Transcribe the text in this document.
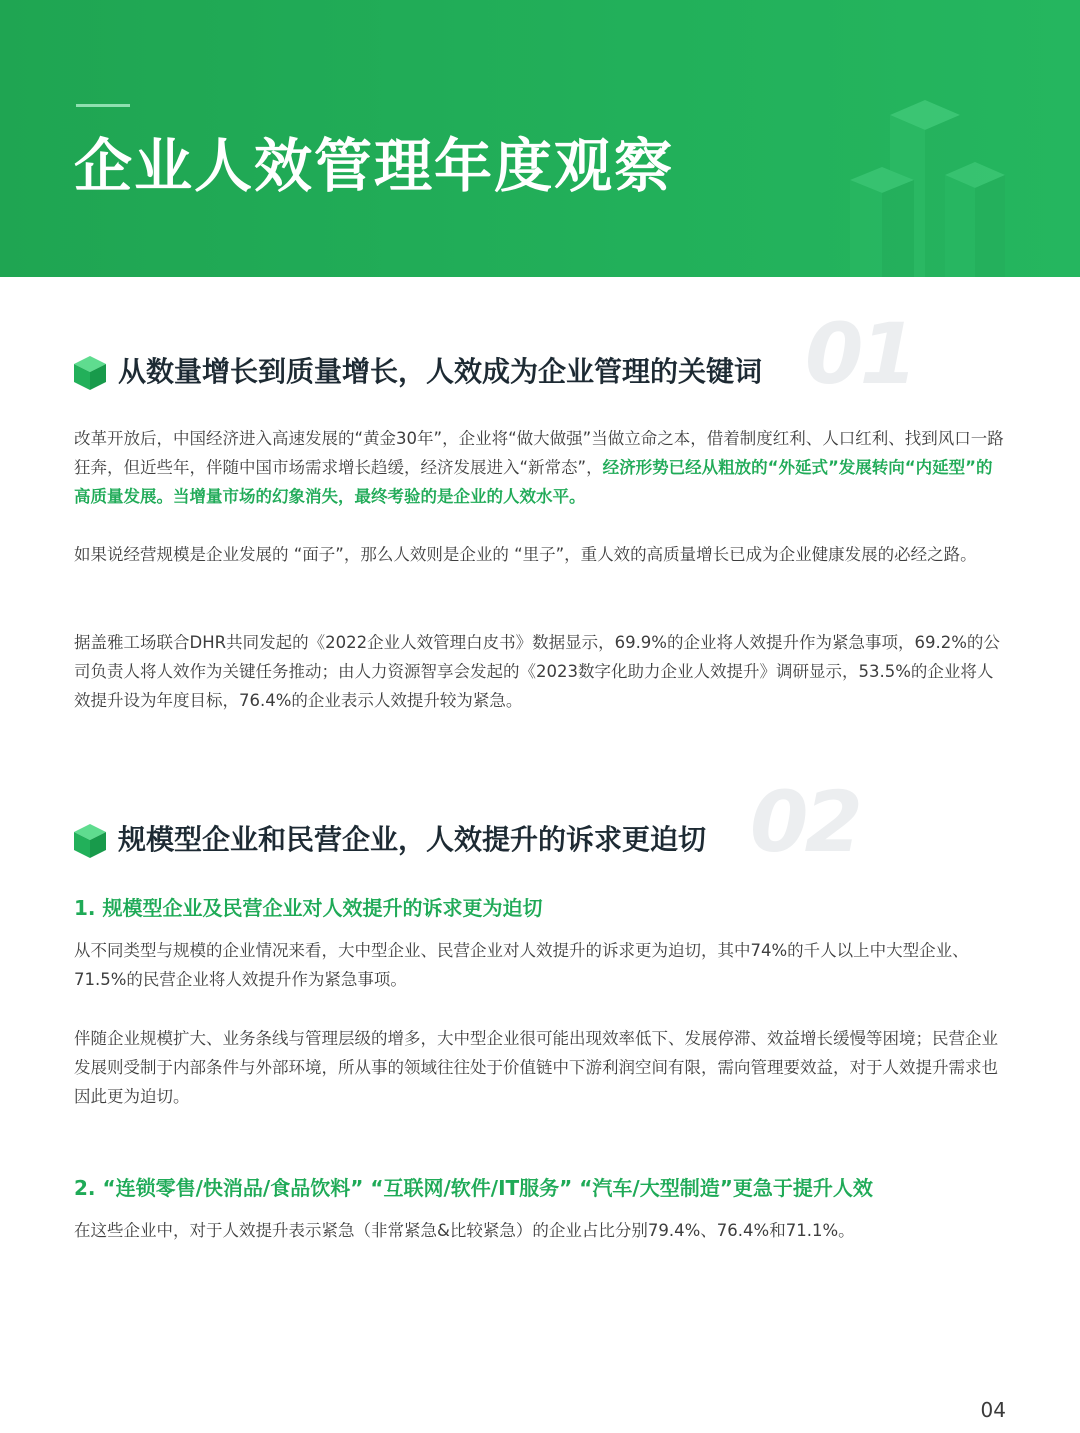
企业人效管理年度观察
01
从数量增长到质量增长，人效成为企业管理的关键词

改革开放后，中国经济进入高速发展的“黄金30年”，企业将“做大做强”当做立命之本，借着制度红利、人口红利、找到风口一路狂奔，但近些年，伴随中国市场需求增长趋缓，经济发展进入“新常态”，经济形势已经从粗放的“外延式”发展转向“内延型”的高质量发展。当增量市场的幻象消失，最终考验的是企业的人效水平。

如果说经营规模是企业发展的 “面子”，那么人效则是企业的 “里子”，重人效的高质量增长已成为企业健康发展的必经之路。

据盖雅工场联合DHR共同发起的《2022企业人效管理白皮书》数据显示，69.9%的企业将人效提升作为紧急事项，69.2%的公司负责人将人效作为关键任务推动；由人力资源智享会发起的《2023数字化助力企业人效提升》调研显示，53.5%的企业将人效提升设为年度目标，76.4%的企业表示人效提升较为紧急。

02
规模型企业和民营企业，人效提升的诉求更迫切
1. 规模型企业及民营企业对人效提升的诉求更为迫切

从不同类型与规模的企业情况来看，大中型企业、民营企业对人效提升的诉求更为迫切，其中74%的千人以上中大型企业、71.5%的民营企业将人效提升作为紧急事项。

伴随企业规模扩大、业务条线与管理层级的增多，大中型企业很可能出现效率低下、发展停滞、效益增长缓慢等困境；民营企业发展则受制于内部条件与外部环境，所从事的领域往往处于价值链中下游利润空间有限，需向管理要效益，对于人效提升需求也因此更为迫切。

2. “连锁零售/快消品/食品饮料” “互联网/软件/IT服务” “汽车/大型制造”更急于提升人效

在这些企业中，对于人效提升表示紧急（非常紧急&比较紧急）的企业占比分别79.4%、76.4%和71.1%。

04
